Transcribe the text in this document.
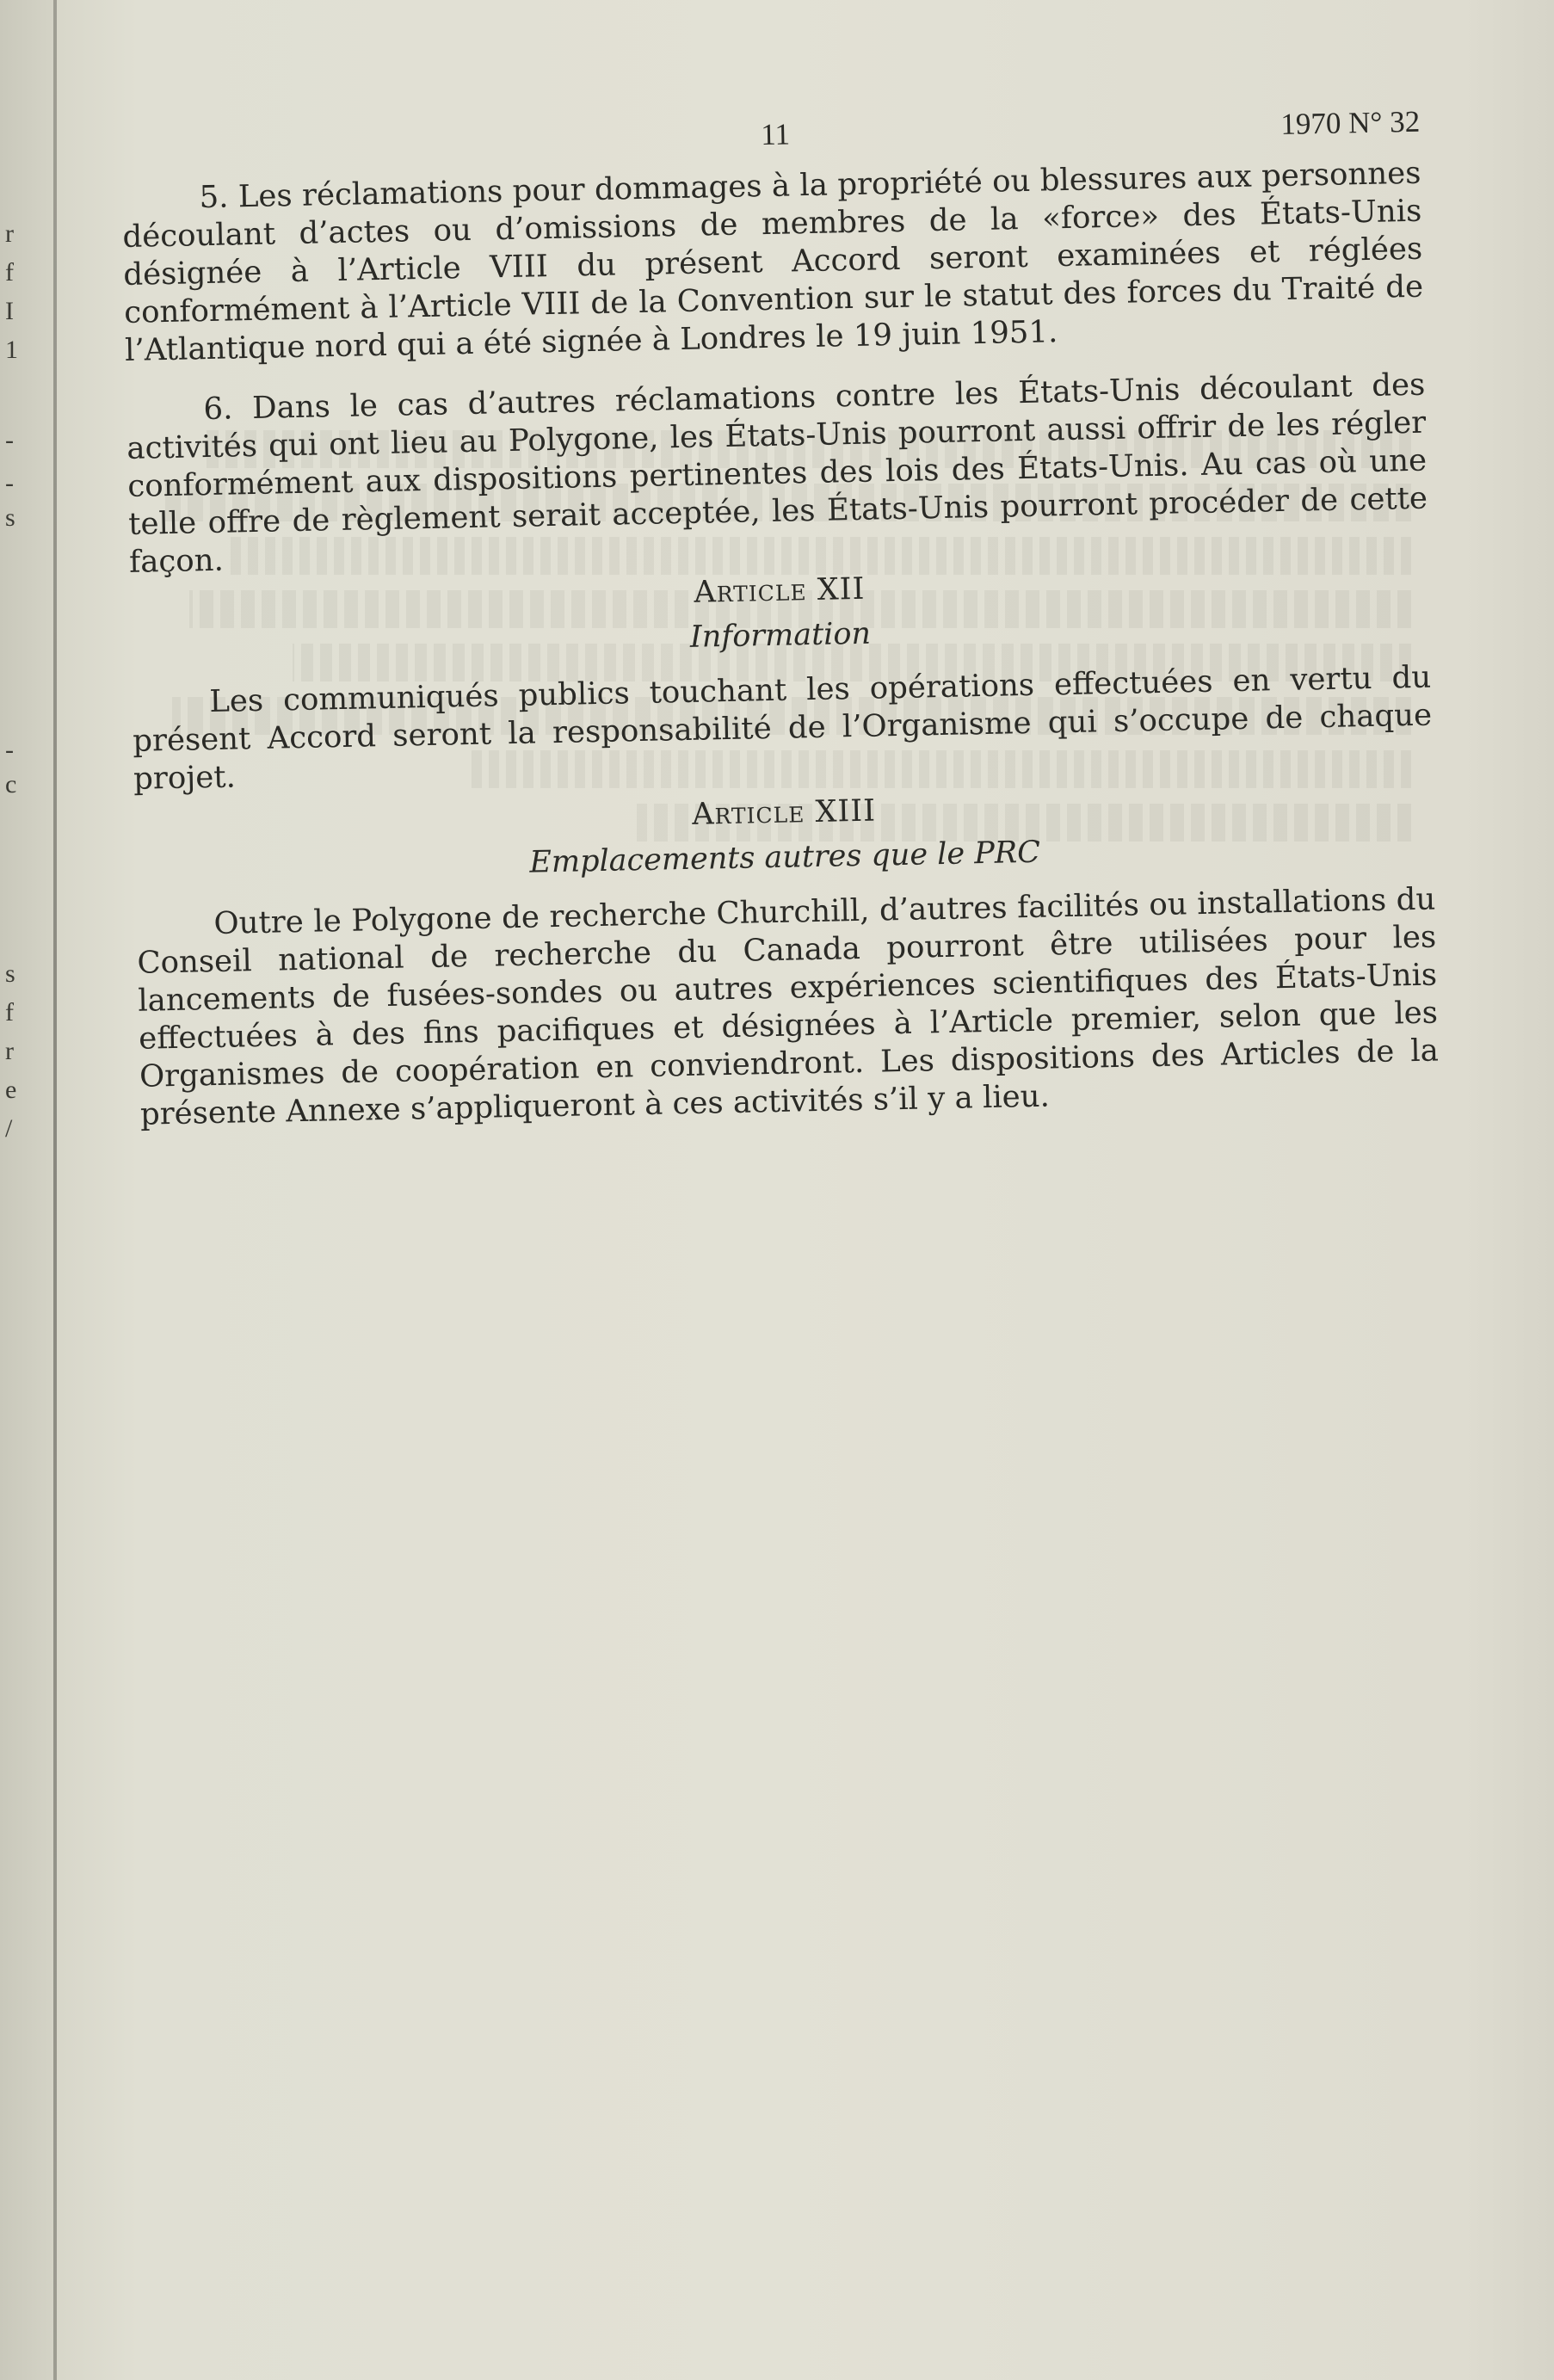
r
f
I
1
-
-
s
-
c
s
f
r
e
/
11	1970 N° 32

5. Les réclamations pour dommages à la propriété ou blessures aux personnes découlant d’actes ou d’omissions de membres de la «force» des États-Unis désignée à l’Article VIII du présent Accord seront examinées et réglées conformément à l’Article VIII de la Convention sur le statut des forces du Traité de l’Atlantique nord qui a été signée à Londres le 19 juin 1951.

6. Dans le cas d’autres réclamations contre les États-Unis découlant des activités qui ont lieu au Polygone, les États-Unis pourront aussi offrir de les régler conformément aux dispositions pertinentes des lois des États-Unis. Au cas où une telle offre de règlement serait acceptée, les États-Unis pourront procéder de cette façon.

Article XII
Information

Les communiqués publics touchant les opérations effectuées en vertu du présent Accord seront la responsabilité de l’Organisme qui s’occupe de chaque projet.

Article XIII
Emplacements autres que le PRC

Outre le Polygone de recherche Churchill, d’autres facilités ou installations du Conseil national de recherche du Canada pourront être utilisées pour les lancements de fusées-sondes ou autres expériences scientifiques des États-Unis effectuées à des fins pacifiques et désignées à l’Article premier, selon que les Organismes de coopération en conviendront. Les dispositions des Articles de la présente Annexe s’appliqueront à ces activités s’il y a lieu.
